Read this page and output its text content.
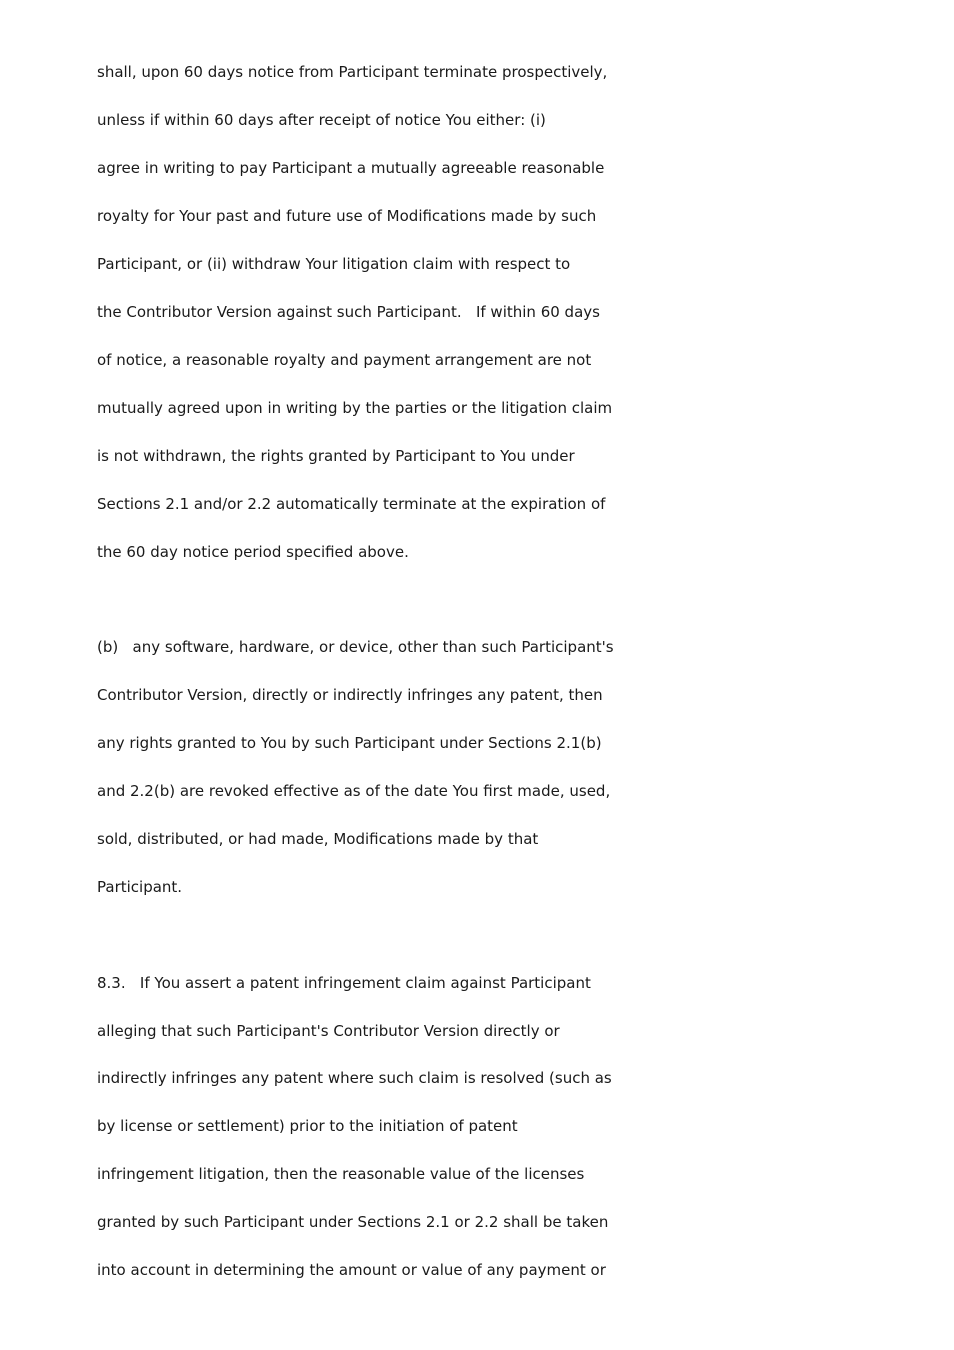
shall, upon 60 days notice from Participant terminate prospectively,
unless if within 60 days after receipt of notice You either: (i)
agree in writing to pay Participant a mutually agreeable reasonable
royalty for Your past and future use of Modifications made by such
Participant, or (ii) withdraw Your litigation claim with respect to
the Contributor Version against such Participant.   If within 60 days
of notice, a reasonable royalty and payment arrangement are not
mutually agreed upon in writing by the parties or the litigation claim
is not withdrawn, the rights granted by Participant to You under
Sections 2.1 and/or 2.2 automatically terminate at the expiration of
the 60 day notice period specified above.
(b)   any software, hardware, or device, other than such Participant's
Contributor Version, directly or indirectly infringes any patent, then
any rights granted to You by such Participant under Sections 2.1(b)
and 2.2(b) are revoked effective as of the date You first made, used,
sold, distributed, or had made, Modifications made by that
Participant.
8.3.   If You assert a patent infringement claim against Participant
alleging that such Participant's Contributor Version directly or
indirectly infringes any patent where such claim is resolved (such as
by license or settlement) prior to the initiation of patent
infringement litigation, then the reasonable value of the licenses
granted by such Participant under Sections 2.1 or 2.2 shall be taken
into account in determining the amount or value of any payment or
